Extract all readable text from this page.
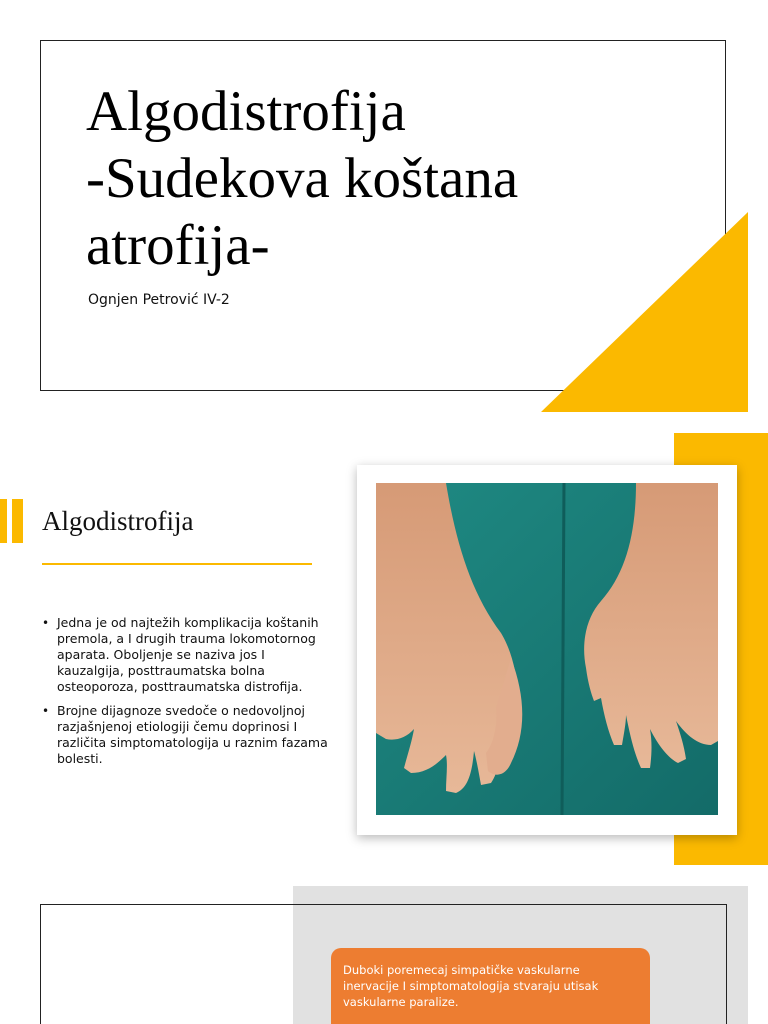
Algodistrofija
-Sudekova koštana
atrofija-
Ognjen Petrović IV-2
Algodistrofija
• Jedna je od najtežih komplikacija koštanih premola, a I drugih trauma lokomotornog aparata. Oboljenje se naziva jos I kauzalgija, posttraumatska bolna osteoporoza, posttraumatska distrofija.
• Brojne dijagnoze svedoče o nedovoljnoj razjašnjenoj etiologiji čemu doprinosi I različita simptomatologija u raznim fazama bolesti.
Duboki poremecaj simpatičke vaskularne inervacije I simptomatologija stvaraju utisak vaskularne paralize.
